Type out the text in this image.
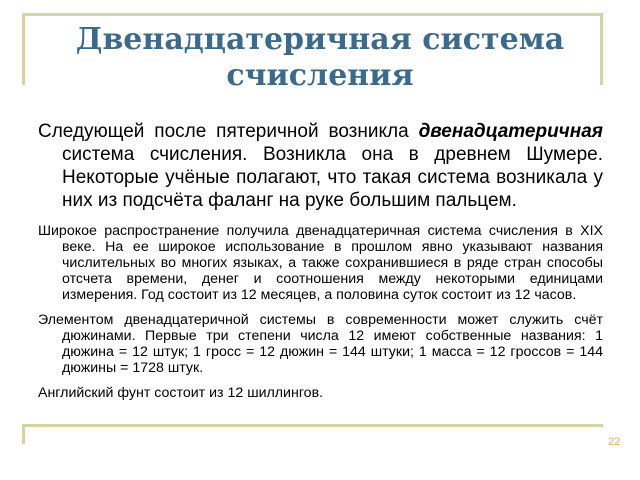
Двенадцатеричная система счисления

Следующей после пятеричной возникла двенадцатеричная система счисления. Возникла она в древнем Шумере. Некоторые учёные полагают, что такая система возникала у них из подсчёта фаланг на руке большим пальцем.

Широкое распространение получила двенадцатеричная система счисления в XIX веке. На ее широкое использование в прошлом явно указывают названия числительных во многих языках, а также сохранившиеся в ряде стран способы отсчета времени, денег и соотношения между некоторыми единицами измерения. Год состоит из 12 месяцев, а половина суток состоит из 12 часов.

Элементом двенадцатеричной системы в современности может служить счёт дюжинами. Первые три степени числа 12 имеют собственные названия: 1 дюжина = 12 штук; 1 гросс = 12 дюжин = 144 штуки; 1 масса = 12 гроссов = 144 дюжины = 1728 штук.

Английский фунт состоит из 12 шиллингов.

22
